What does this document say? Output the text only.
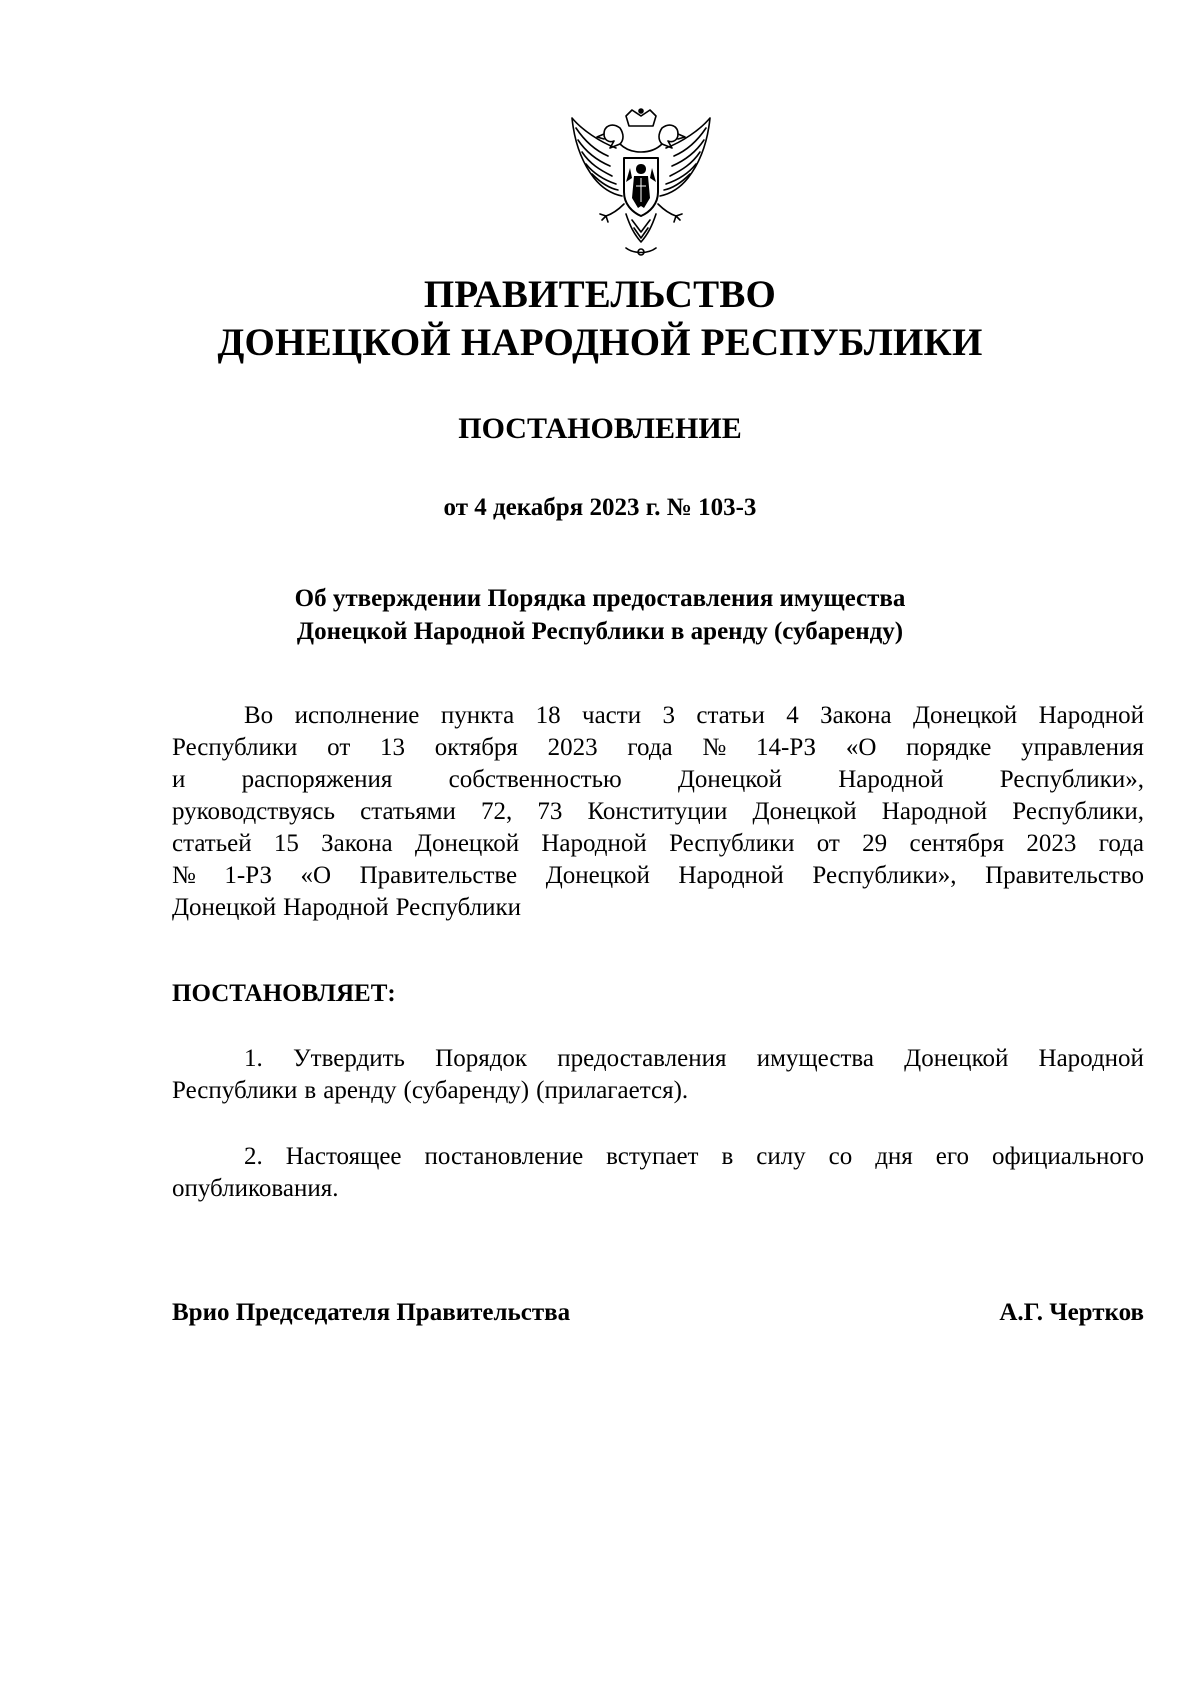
ПРАВИТЕЛЬСТВО
ДОНЕЦКОЙ НАРОДНОЙ РЕСПУБЛИКИ
ПОСТАНОВЛЕНИЕ
от 4 декабря 2023 г. № 103-3
Об утверждении Порядка предоставления имущества
Донецкой Народной Республики в аренду (субаренду)
Во исполнение пункта 18 части 3 статьи 4 Закона Донецкой Народной
Республики от 13 октября 2023 года № 14-РЗ «О порядке управления
и распоряжения собственностью Донецкой Народной Республики»,
руководствуясь статьями 72, 73 Конституции Донецкой Народной Республики,
статьей 15 Закона Донецкой Народной Республики от 29 сентября 2023 года
№ 1-РЗ «О Правительстве Донецкой Народной Республики», Правительство
Донецкой Народной Республики
ПОСТАНОВЛЯЕТ:
1. Утвердить Порядок предоставления имущества Донецкой Народной
Республики в аренду (субаренду) (прилагается).
2. Настоящее постановление вступает в силу со дня его официального
опубликования.
Врио Председателя Правительства	А.Г. Чертков
